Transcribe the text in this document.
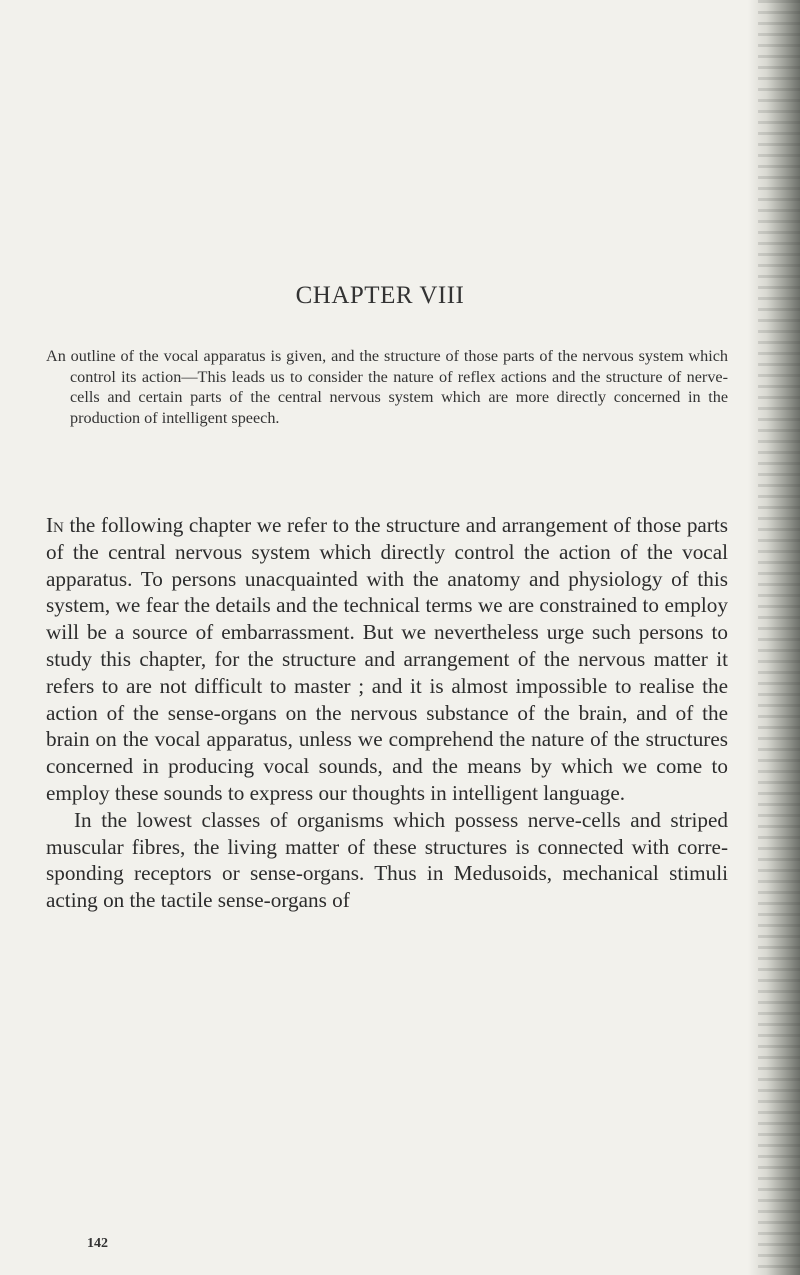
CHAPTER VIII

An outline of the vocal apparatus is given, and the structure of those parts of the nervous system which control its action—This leads us to consider the nature of reflex actions and the structure of nerve-cells and certain parts of the central nervous system which are more directly concerned in the production of intelligent speech.

In the following chapter we refer to the structure and arrangement of those parts of the central nervous system which directly control the action of the vocal apparatus. To persons unacquainted with the anatomy and physiology of this system, we fear the details and the technical terms we are constrained to employ will be a source of embarrassment. But we nevertheless urge such persons to study this chapter, for the structure and arrangement of the nervous matter it refers to are not difficult to master ; and it is almost impossible to realise the action of the sense-organs on the nervous substance of the brain, and of the brain on the vocal apparatus, unless we comprehend the nature of the structures concerned in producing vocal sounds, and the means by which we come to employ these sounds to express our thoughts in intelligent language.

In the lowest classes of organisms which possess nerve-cells and striped muscular fibres, the living matter of these structures is connected with corresponding receptors or sense-organs. Thus in Medusoids, mechanical stimuli acting on the tactile sense-organs of

142
